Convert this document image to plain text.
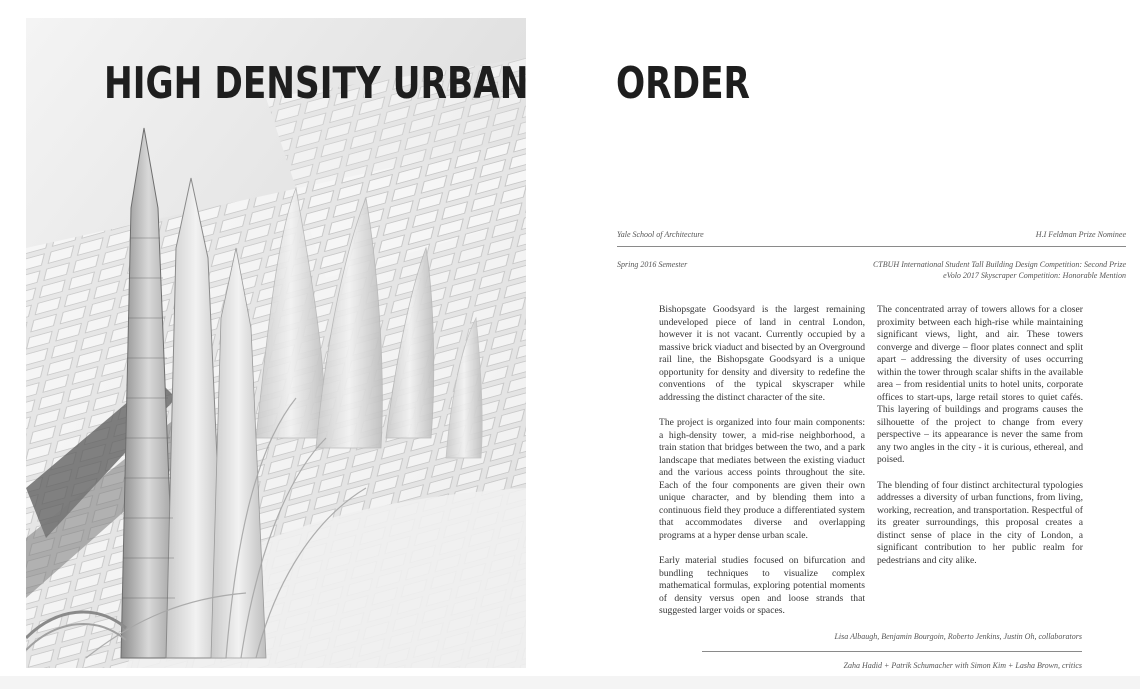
HIGH DENSITY URBAN ORDER
Yale School of Architecture	H.I Feldman Prize Nominee
Spring 2016 Semester	CTBUH International Student Tall Building Design Competition: Second Prize
eVolo 2017 Skyscraper Competition: Honorable Mention

Bishopsgate Goodsyard is the largest remaining undeveloped piece of land in central London, however it is not vacant. Currently occupied by a massive brick viaduct and bisected by an Overground rail line, the Bishopsgate Goodsyard is a unique opportunity for density and diversity to redefine the conventions of the typical skyscraper while addressing the distinct character of the site.

The project is organized into four main components: a high-density tower, a mid-rise neighborhood, a train station that bridges between the two, and a park landscape that mediates between the existing viaduct and the various access points throughout the site. Each of the four components are given their own unique character, and by blending them into a continuous field they produce a differentiated system that accommodates diverse and overlapping programs at a hyper dense urban scale.

Early material studies focused on bifurcation and bundling techniques to visualize complex mathematical formulas, exploring potential moments of density versus open and loose strands that suggested larger voids or spaces.

The concentrated array of towers allows for a closer proximity between each high-rise while maintaining significant views, light, and air. These towers converge and diverge – floor plates connect and split apart – addressing the diversity of uses occurring within the tower through scalar shifts in the available area – from residential units to hotel units, corporate offices to start-ups, large retail stores to quiet cafés. This layering of buildings and programs causes the silhouette of the project to change from every perspective – its appearance is never the same from any two angles in the city - it is curious, ethereal, and poised.

The blending of four distinct architectural typologies addresses a diversity of urban functions, from living, working, recreation, and transportation. Respectful of its greater surroundings, this proposal creates a distinct sense of place in the city of London, a significant contribution to her public realm for pedestrians and city alike.

Lisa Albaugh, Benjamin Bourgoin, Roberto Jenkins, Justin Oh, collaborators
Zaha Hadid + Patrik Schumacher with Simon Kim + Lasha Brown, critics
